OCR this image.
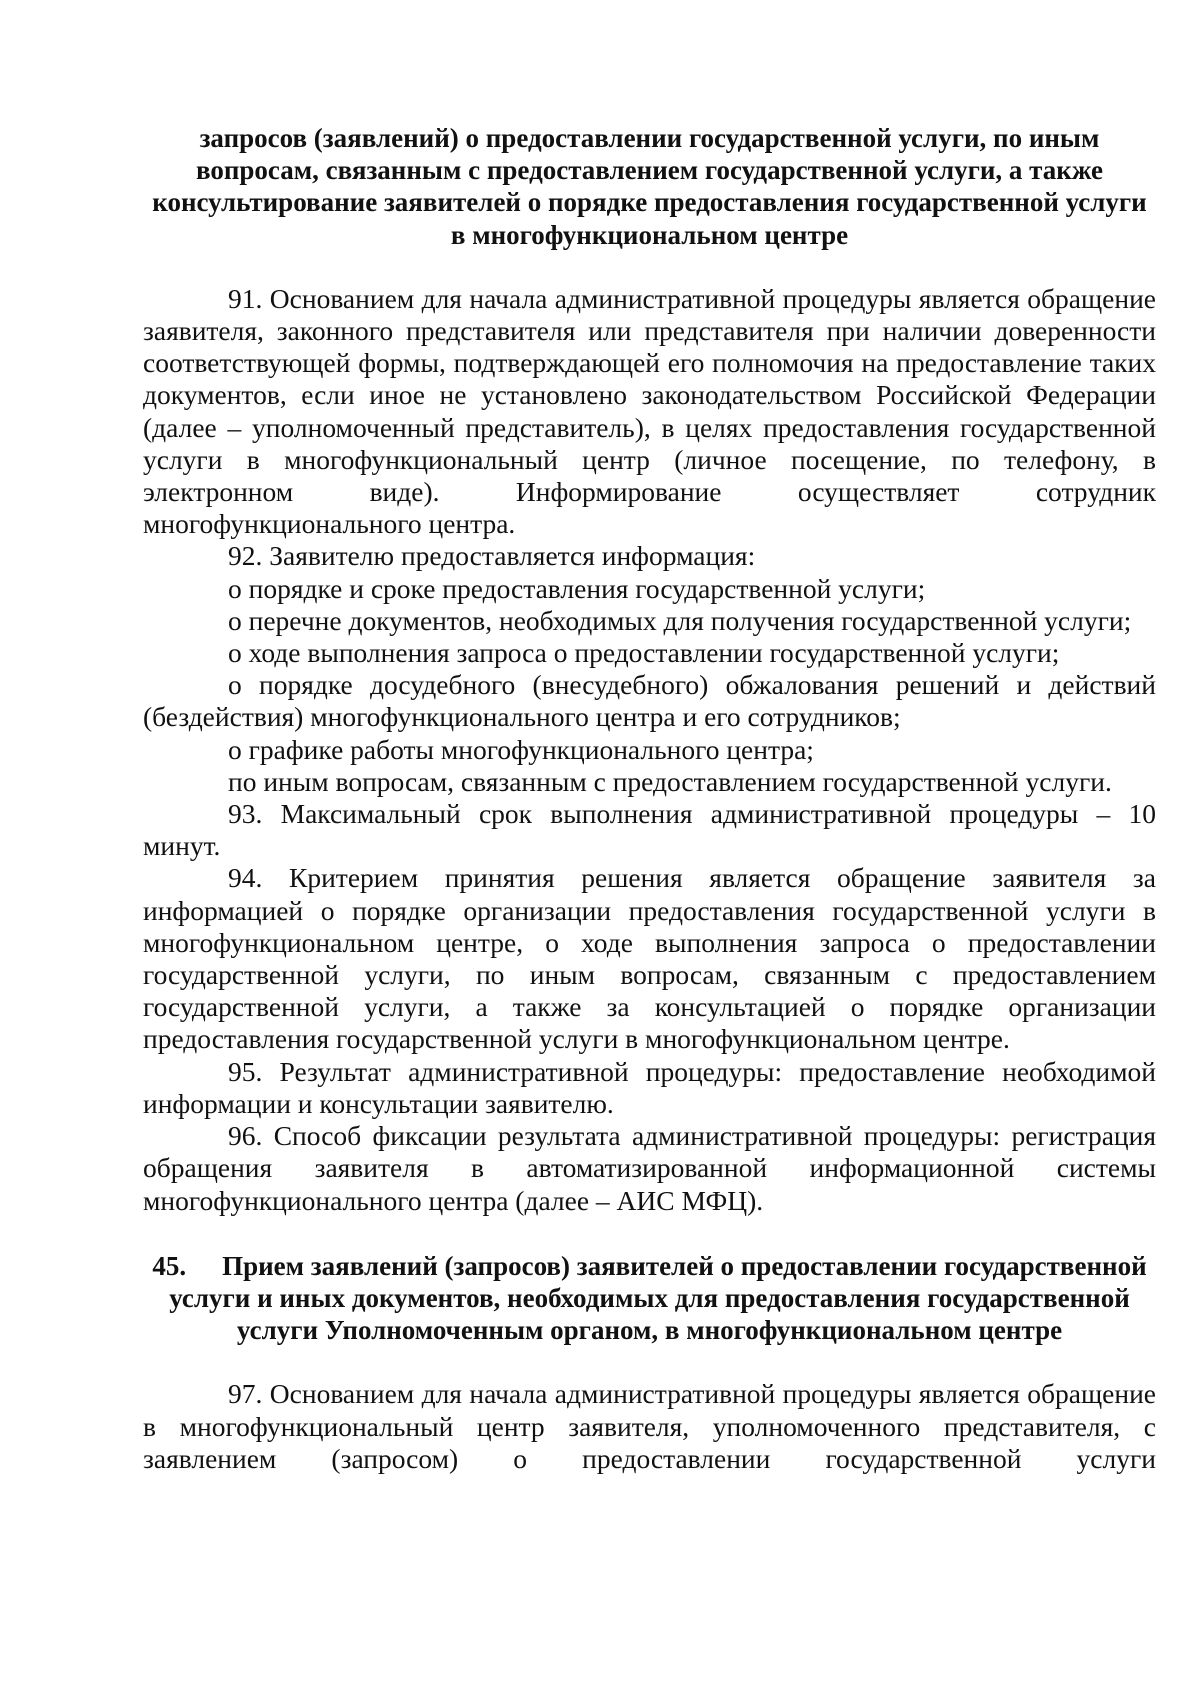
запросов (заявлений) о предоставлении государственной услуги, по иным вопросам, связанным с предоставлением государственной услуги, а также консультирование заявителей о порядке предоставления государственной услуги в многофункциональном центре

91. Основанием для начала административной процедуры является обращение заявителя, законного представителя или представителя при наличии доверенности соответствующей формы, подтверждающей его полномочия на предоставление таких документов, если иное не установлено законодательством Российской Федерации (далее – уполномоченный представитель), в целях предоставления государственной услуги в многофункциональный центр (личное посещение, по телефону, в электронном виде). Информирование осуществляет сотрудник многофункционального центра.

92. Заявителю предоставляется информация:

о порядке и сроке предоставления государственной услуги;

о перечне документов, необходимых для получения государственной услуги;

о ходе выполнения запроса о предоставлении государственной услуги;

о порядке досудебного (внесудебного) обжалования решений и действий (бездействия) многофункционального центра и его сотрудников;

о графике работы многофункционального центра;

по иным вопросам, связанным с предоставлением государственной услуги.

93. Максимальный срок выполнения административной процедуры – 10 минут.

94. Критерием принятия решения является обращение заявителя за информацией о порядке организации предоставления государственной услуги в многофункциональном центре, о ходе выполнения запроса о предоставлении государственной услуги, по иным вопросам, связанным с предоставлением государственной услуги, а также за консультацией о порядке организации предоставления государственной услуги в многофункциональном центре.

95. Результат административной процедуры: предоставление необходимой информации и консультации заявителю.

96. Способ фиксации результата административной процедуры: регистрация обращения заявителя в автоматизированной информационной системы многофункционального центра (далее – АИС МФЦ).

45. Прием заявлений (запросов) заявителей о предоставлении государственной услуги и иных документов, необходимых для предоставления государственной услуги Уполномоченным органом, в многофункциональном центре

97. Основанием для начала административной процедуры является обращение в многофункциональный центр заявителя, уполномоченного представителя, с заявлением (запросом) о предоставлении государственной услуги
